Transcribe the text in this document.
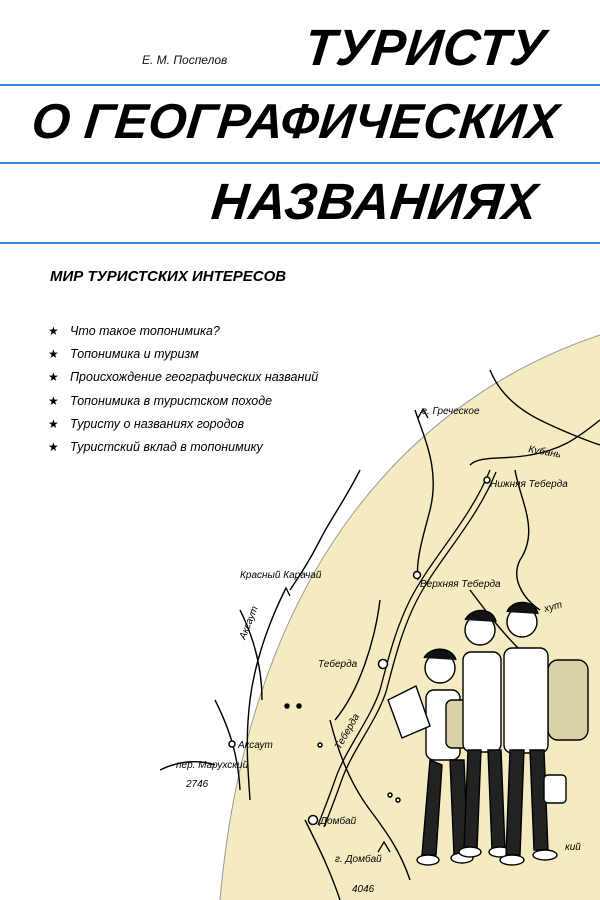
г. Греческое
Кубань
Нижняя Теберда
Красный Карачай
Верхняя Теберда
Аксаут	хут
Теберда
Теберда
Аксаут
пер. Марухский
2746
Домбай
г. Домбай
4046
кий
Е. М. Поспелов ТУРИСТУ
О ГЕОГРАФИЧЕСКИХ
НАЗВАНИЯХ
МИР ТУРИСТСКИХ ИНТЕРЕСОВ
★ Что такое топонимика?
★ Топонимика и туризм
★ Происхождение географических названий
★ Топонимика в туристском походе
★ Туристу о названиях городов
★ Туристский вклад в топонимику
